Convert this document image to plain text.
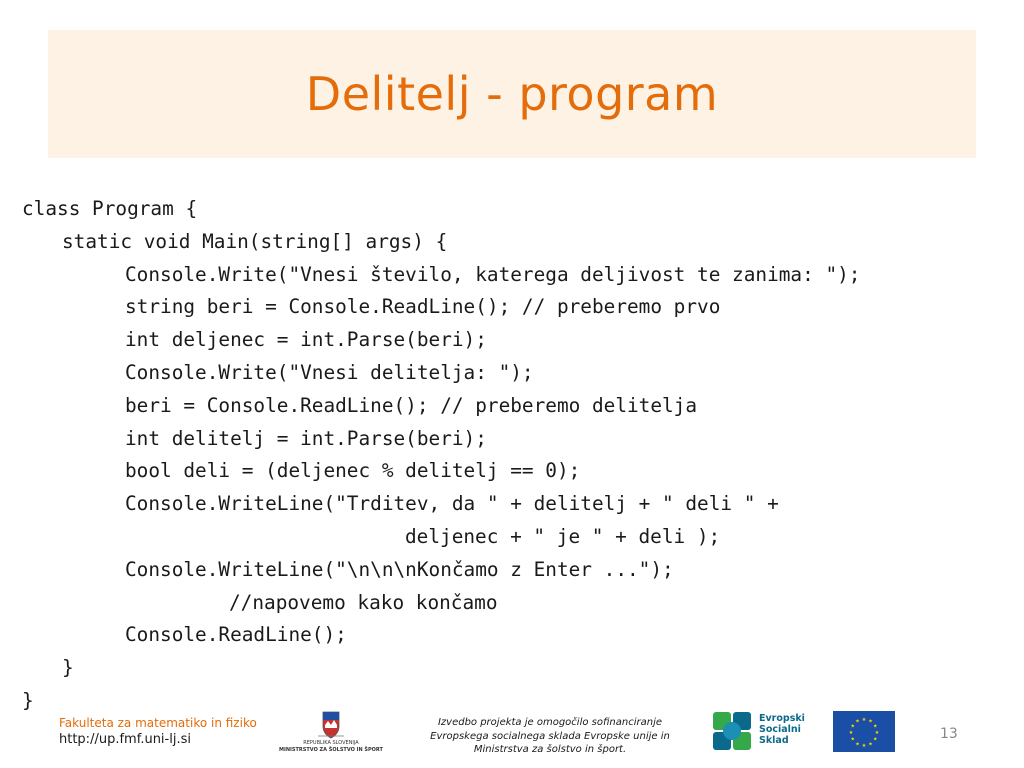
Delitelj - program
class Program {
static void Main(string[] args) {
Console.Write("Vnesi število, katerega deljivost te zanima: ");
string beri = Console.ReadLine(); // preberemo prvo
int deljenec = int.Parse(beri);
Console.Write("Vnesi delitelja: ");
beri = Console.ReadLine(); // preberemo delitelja
int delitelj = int.Parse(beri);
bool deli = (deljenec % delitelj == 0);
Console.WriteLine("Trditev, da " + delitelj + " deli " +
deljenec + " je " + deli );
Console.WriteLine("\n\n\nKončamo z Enter ...");
//napovemo kako končamo
Console.ReadLine();
}
}
Fakulteta za matematiko in fiziko
http://up.fmf.uni-lj.si	REPUBLIKA SLOVENIJA
MINISTRSTVO ZA ŠOLSTVO IN ŠPORT
Izvedbo projekta je omogočilo sofinanciranje
Evropskega socialnega sklada Evropske unije in
Ministrstva za šolstvo in šport.
Evropski
Socialni
Sklad
★ ★
★
★
★
★
★
★
★
★
★
★
13
